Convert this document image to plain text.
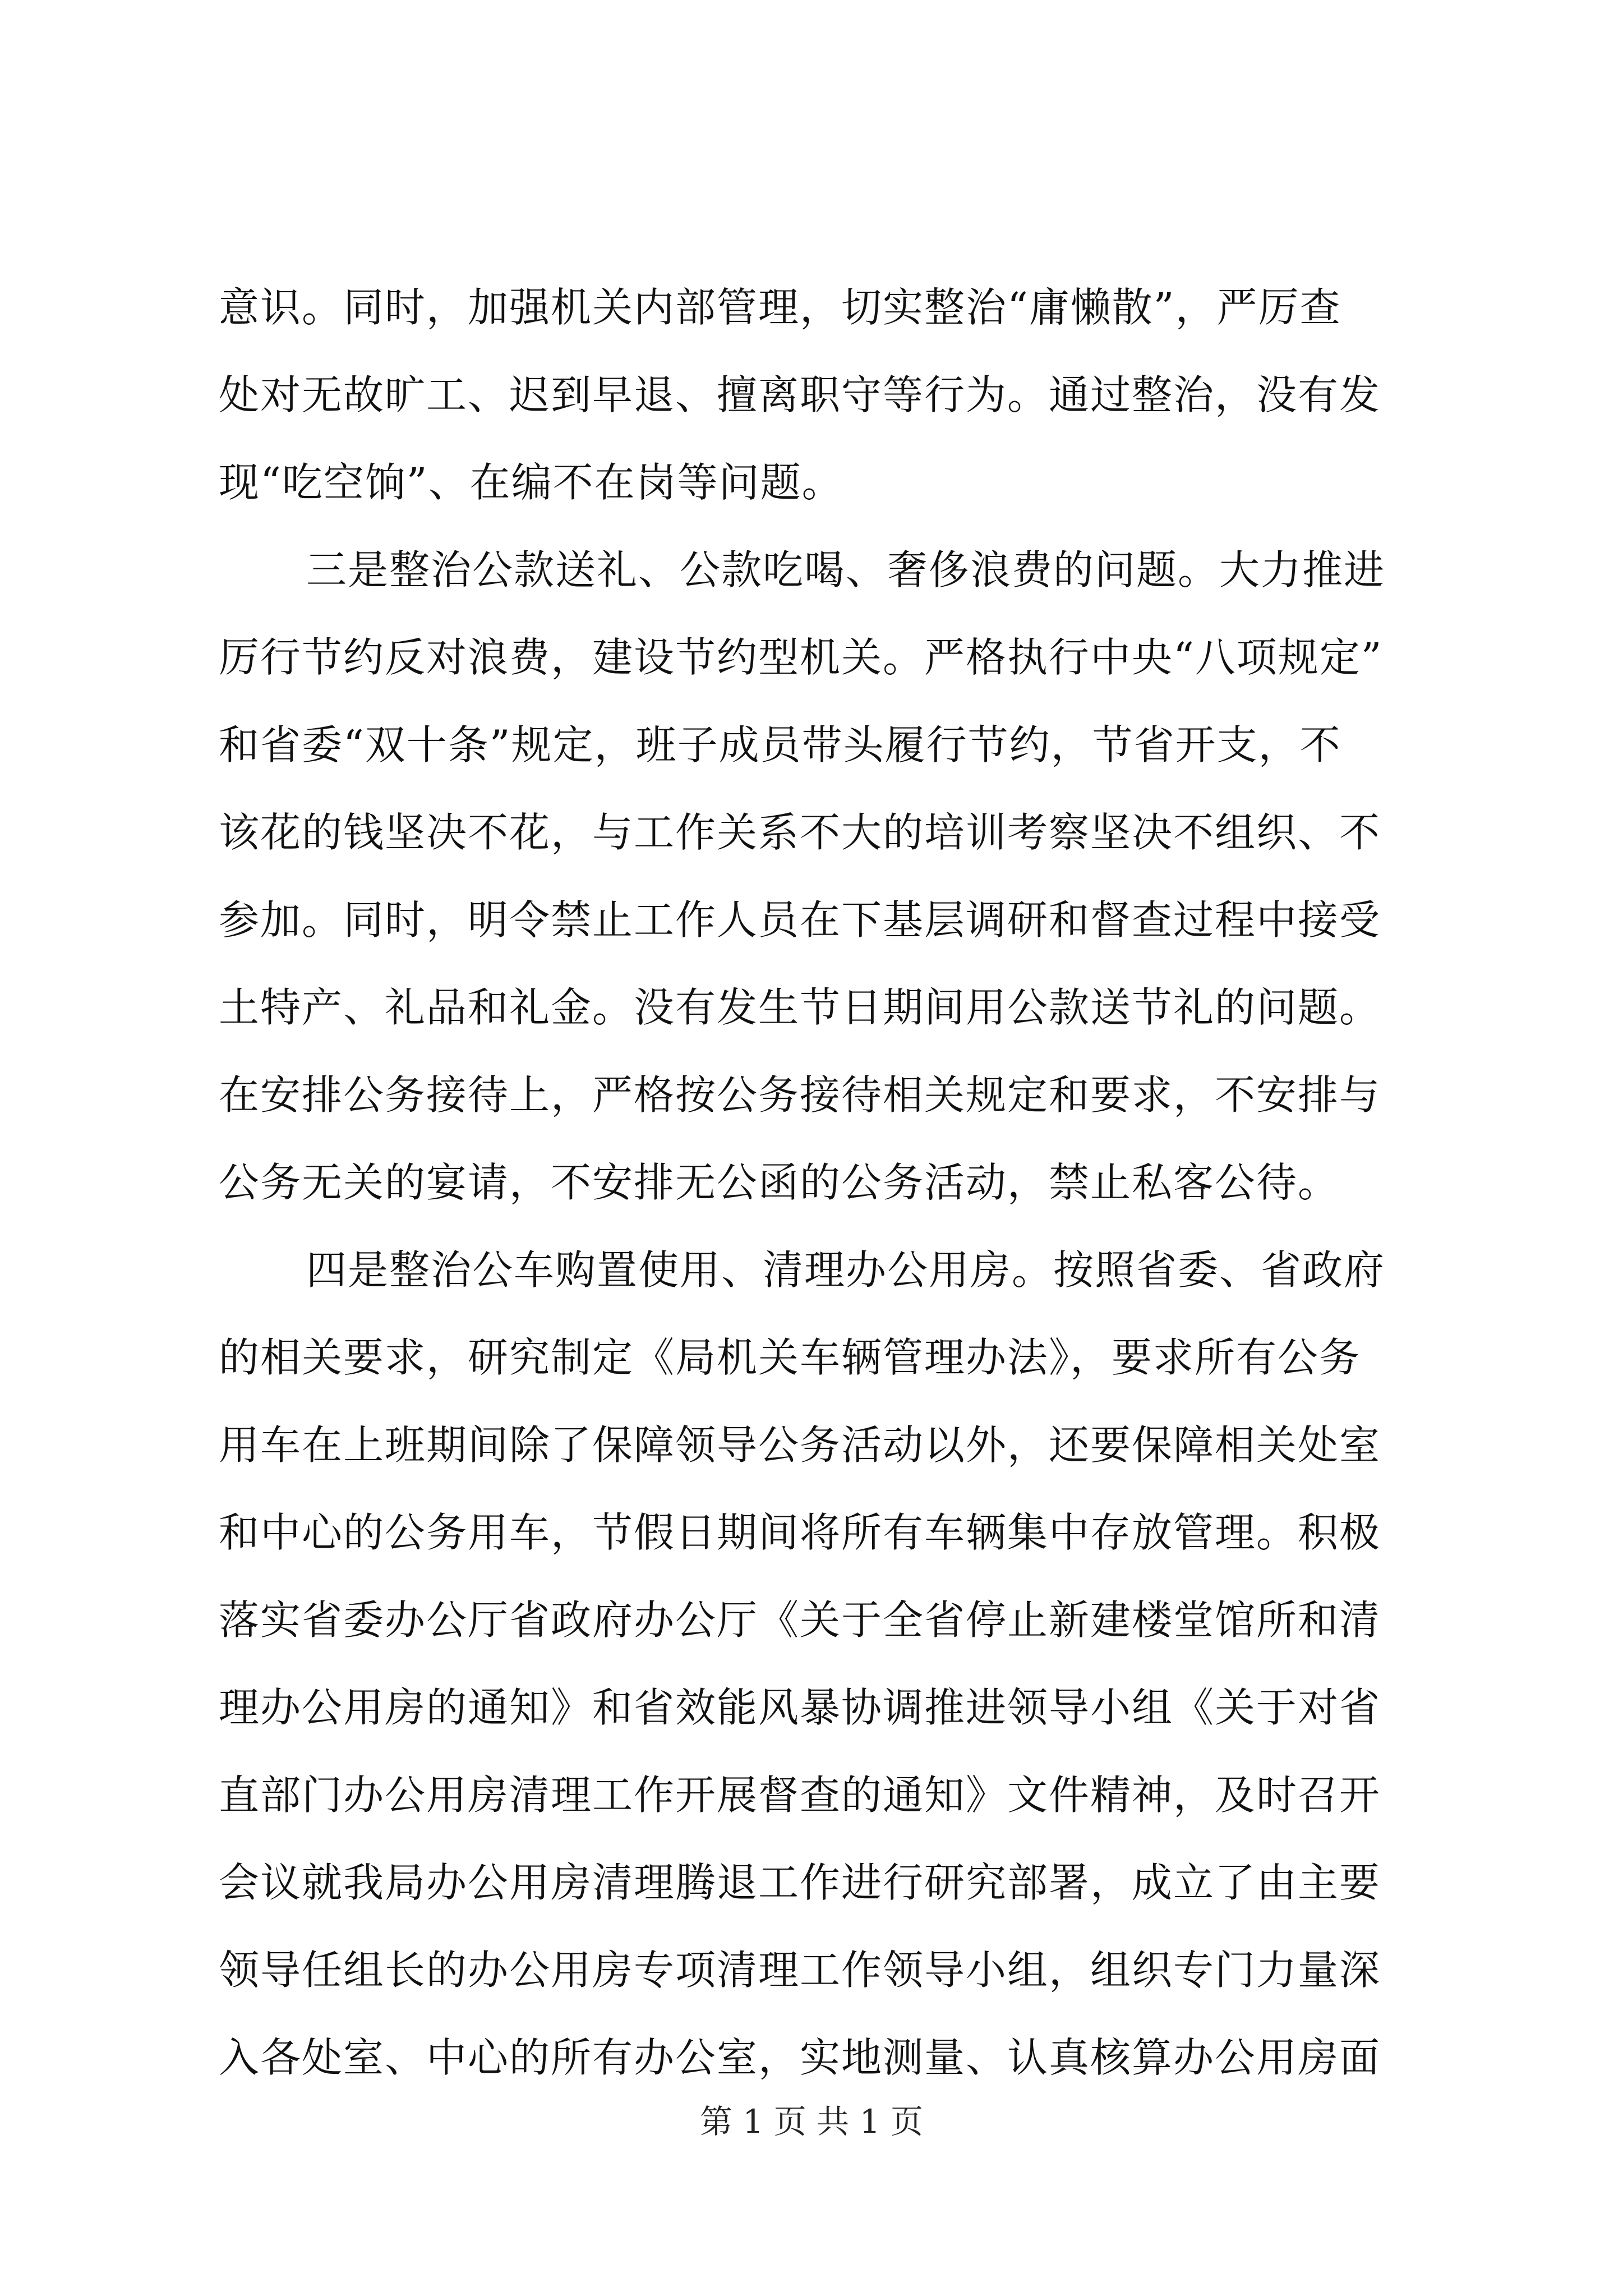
意识。同时，加强机关内部管理，切实整治“庸懒散”，严厉查
处对无故旷工、迟到早退、擅离职守等行为。通过整治，没有发
现“吃空饷”、在编不在岗等问题。
三是整治公款送礼、公款吃喝、奢侈浪费的问题。大力推进
厉行节约反对浪费，建设节约型机关。严格执行中央“八项规定”
和省委“双十条”规定，班子成员带头履行节约，节省开支，不
该花的钱坚决不花，与工作关系不大的培训考察坚决不组织、不
参加。同时，明令禁止工作人员在下基层调研和督查过程中接受
土特产、礼品和礼金。没有发生节日期间用公款送节礼的问题。
在安排公务接待上，严格按公务接待相关规定和要求，不安排与
公务无关的宴请，不安排无公函的公务活动，禁止私客公待。
四是整治公车购置使用、清理办公用房。按照省委、省政府
的相关要求，研究制定《局机关车辆管理办法》，要求所有公务
用车在上班期间除了保障领导公务活动以外，还要保障相关处室
和中心的公务用车，节假日期间将所有车辆集中存放管理。积极
落实省委办公厅省政府办公厅《关于全省停止新建楼堂馆所和清
理办公用房的通知》和省效能风暴协调推进领导小组《关于对省
直部门办公用房清理工作开展督查的通知》文件精神，及时召开
会议就我局办公用房清理腾退工作进行研究部署，成立了由主要
领导任组长的办公用房专项清理工作领导小组，组织专门力量深
入各处室、中心的所有办公室，实地测量、认真核算办公用房面
第 1 页 共 1 页
